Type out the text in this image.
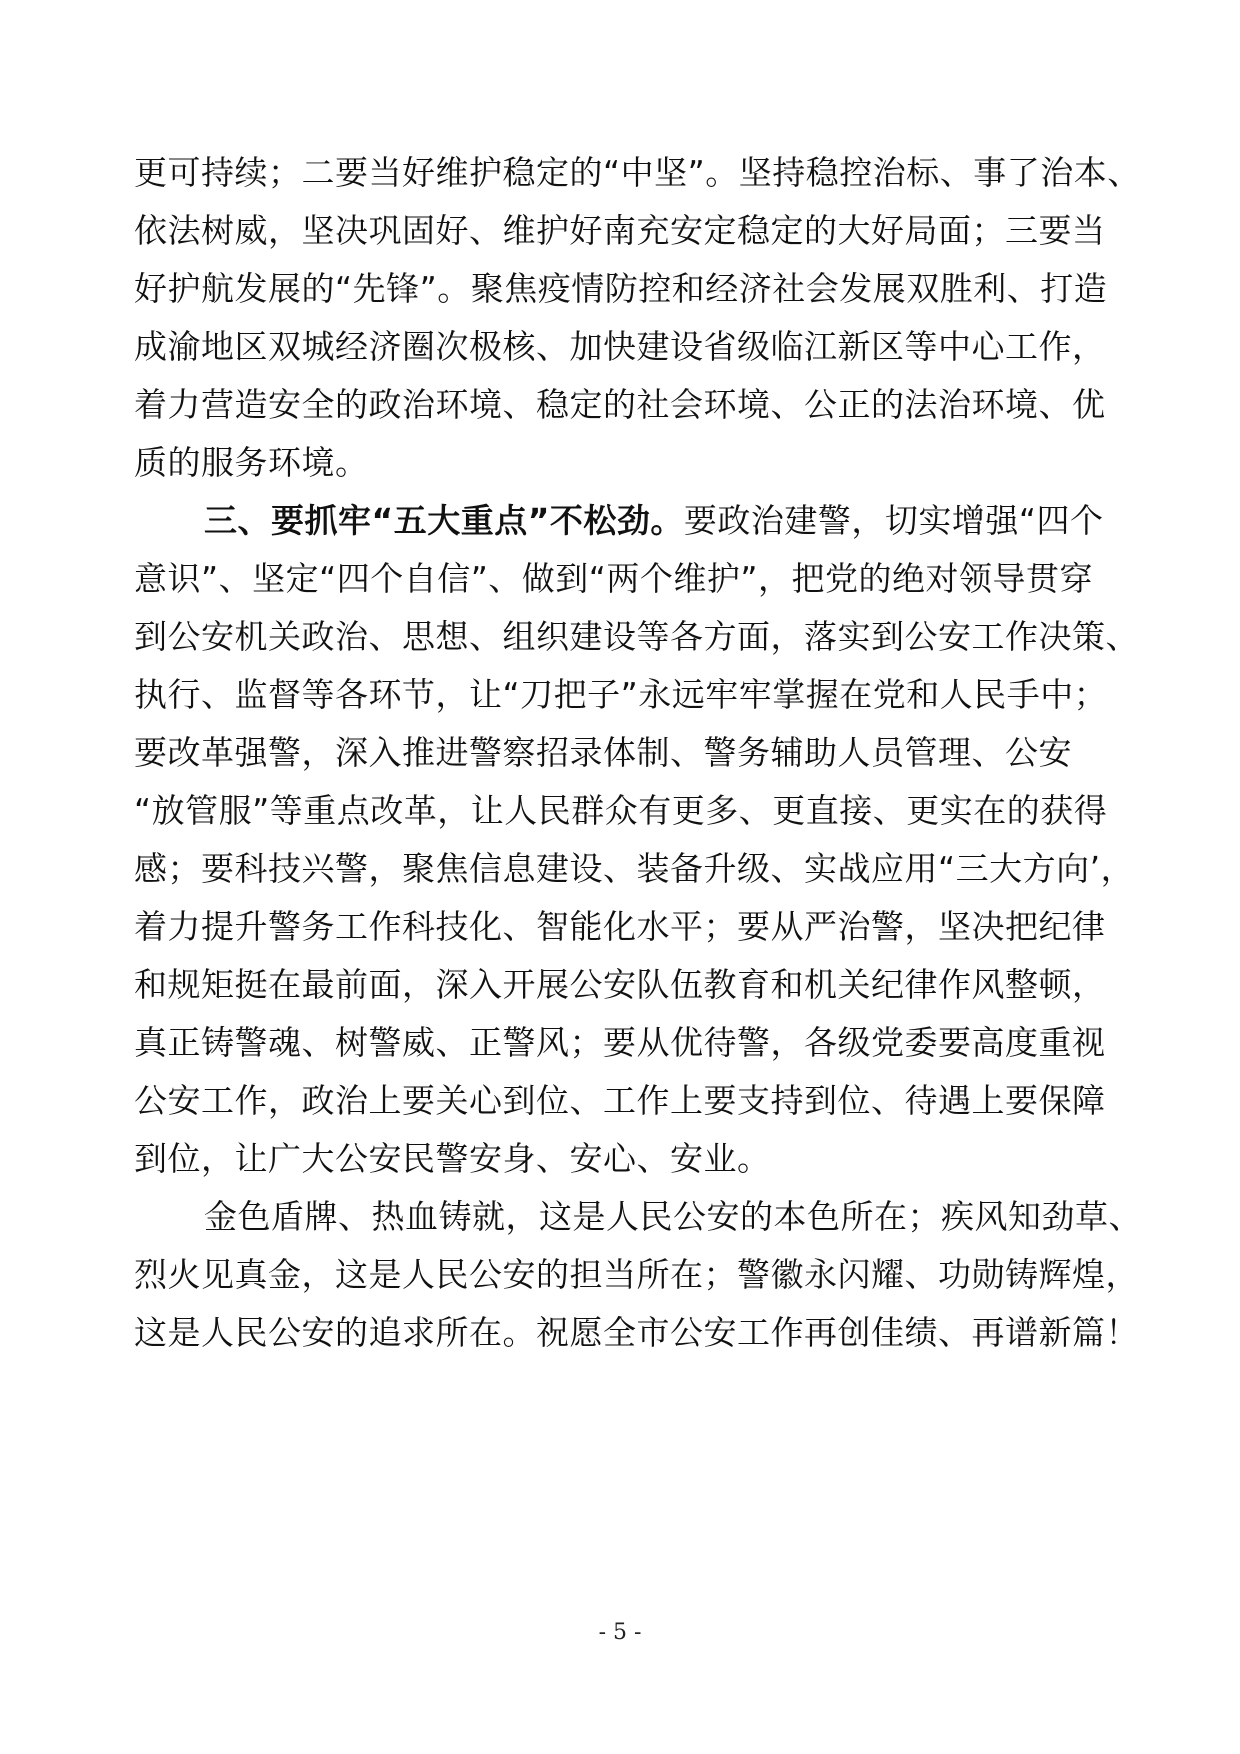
更可持续；二要当好维护稳定的“中坚”。坚持稳控治标、事了治本、
依法树威，坚决巩固好、维护好南充安定稳定的大好局面；三要当
好护航发展的“先锋”。聚焦疫情防控和经济社会发展双胜利、打造
成渝地区双城经济圈次极核、加快建设省级临江新区等中心工作，
着力营造安全的政治环境、稳定的社会环境、公正的法治环境、优
质的服务环境。
三、要抓牢“五大重点”不松劲。要政治建警，切实增强“四个
意识”、坚定“四个自信”、做到“两个维护”，把党的绝对领导贯穿
到公安机关政治、思想、组织建设等各方面，落实到公安工作决策、
执行、监督等各环节，让“刀把子”永远牢牢掌握在党和人民手中；
要改革强警，深入推进警察招录体制、警务辅助人员管理、公安
“放管服”等重点改革，让人民群众有更多、更直接、更实在的获得
感；要科技兴警，聚焦信息建设、装备升级、实战应用“三大方向’，
着力提升警务工作科技化、智能化水平；要从严治警，坚决把纪律
和规矩挺在最前面，深入开展公安队伍教育和机关纪律作风整顿，
真正铸警魂、树警威、正警风；要从优待警，各级党委要高度重视
公安工作，政治上要关心到位、工作上要支持到位、待遇上要保障
到位，让广大公安民警安身、安心、安业。
金色盾牌、热血铸就，这是人民公安的本色所在；疾风知劲草、
烈火见真金，这是人民公安的担当所在；警徽永闪耀、功勋铸辉煌，
这是人民公安的追求所在。祝愿全市公安工作再创佳绩、再谱新篇！
- 5 -
